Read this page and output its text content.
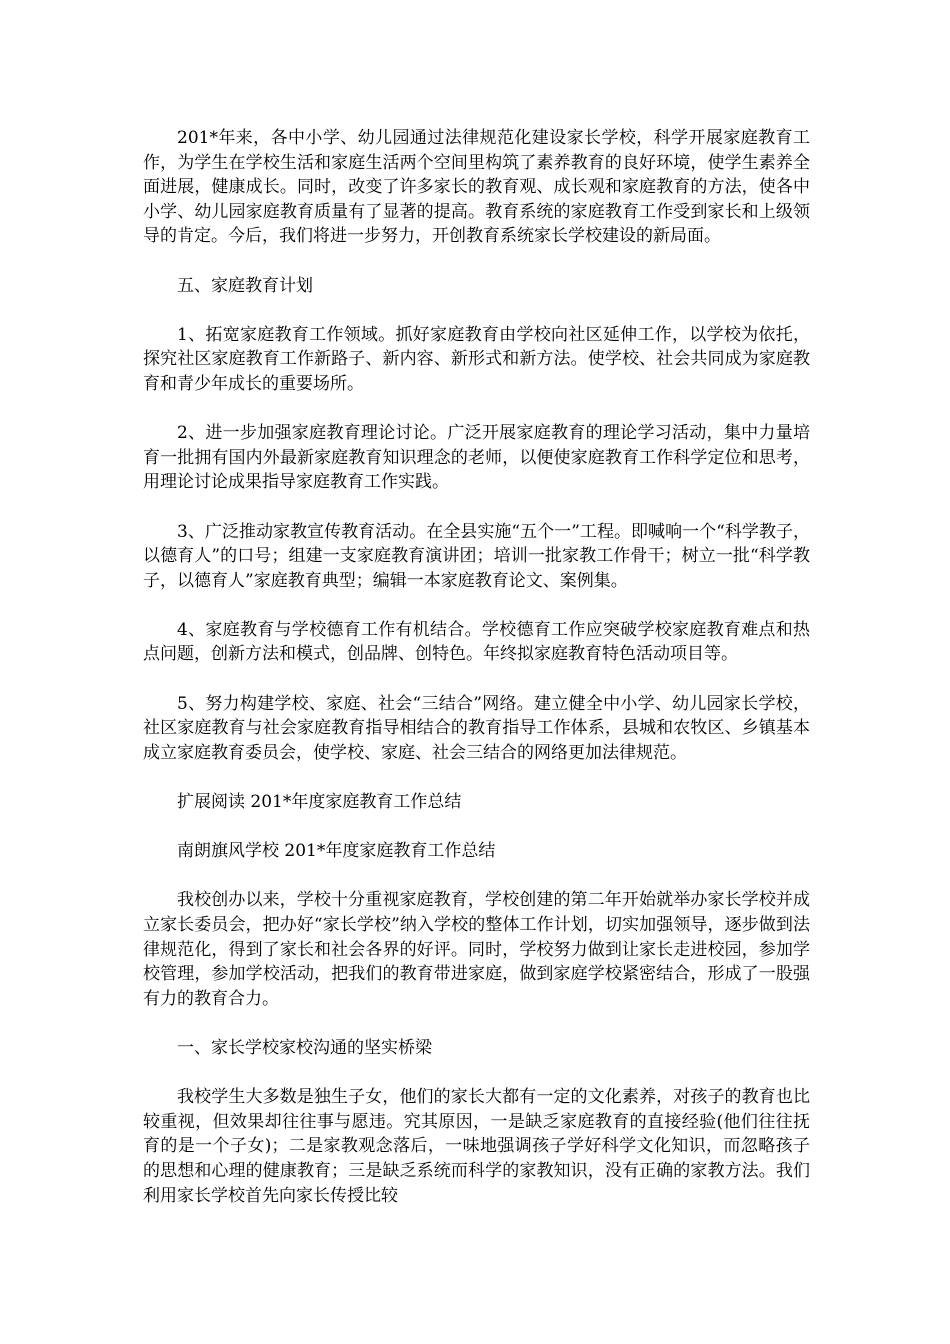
201*年来，各中小学、幼儿园通过法律规范化建设家长学校，科学开展家庭教育工作，为学生在学校生活和家庭生活两个空间里构筑了素养教育的良好环境，使学生素养全面进展，健康成长。同时，改变了许多家长的教育观、成长观和家庭教育的方法，使各中小学、幼儿园家庭教育质量有了显著的提高。教育系统的家庭教育工作受到家长和上级领导的肯定。今后，我们将进一步努力，开创教育系统家长学校建设的新局面。

五、家庭教育计划

1、拓宽家庭教育工作领域。抓好家庭教育由学校向社区延伸工作，以学校为依托，探究社区家庭教育工作新路子、新内容、新形式和新方法。使学校、社会共同成为家庭教育和青少年成长的重要场所。

2、进一步加强家庭教育理论讨论。广泛开展家庭教育的理论学习活动，集中力量培育一批拥有国内外最新家庭教育知识理念的老师，以便使家庭教育工作科学定位和思考，用理论讨论成果指导家庭教育工作实践。

3、广泛推动家教宣传教育活动。在全县实施“五个一”工程。即喊响一个“科学教子，以德育人”的口号；组建一支家庭教育演讲团；培训一批家教工作骨干；树立一批“科学教子，以德育人”家庭教育典型；编辑一本家庭教育论文、案例集。

4、家庭教育与学校德育工作有机结合。学校德育工作应突破学校家庭教育难点和热点问题，创新方法和模式，创品牌、创特色。年终拟家庭教育特色活动项目等。

5、努力构建学校、家庭、社会“三结合”网络。建立健全中小学、幼儿园家长学校，社区家庭教育与社会家庭教育指导相结合的教育指导工作体系，县城和农牧区、乡镇基本成立家庭教育委员会，使学校、家庭、社会三结合的网络更加法律规范。

扩展阅读 201*年度家庭教育工作总结

南朗旗风学校 201*年度家庭教育工作总结

我校创办以来，学校十分重视家庭教育，学校创建的第二年开始就举办家长学校并成立家长委员会，把办好“家长学校”纳入学校的整体工作计划，切实加强领导，逐步做到法律规范化，得到了家长和社会各界的好评。同时，学校努力做到让家长走进校园，参加学校管理，参加学校活动，把我们的教育带进家庭，做到家庭学校紧密结合，形成了一股强有力的教育合力。

一、家长学校家校沟通的坚实桥梁

我校学生大多数是独生子女，他们的家长大都有一定的文化素养，对孩子的教育也比较重视，但效果却往往事与愿违。究其原因，一是缺乏家庭教育的直接经验(他们往往抚育的是一个子女)；二是家教观念落后，一味地强调孩子学好科学文化知识，而忽略孩子的思想和心理的健康教育；三是缺乏系统而科学的家教知识，没有正确的家教方法。我们利用家长学校首先向家长传授比较
